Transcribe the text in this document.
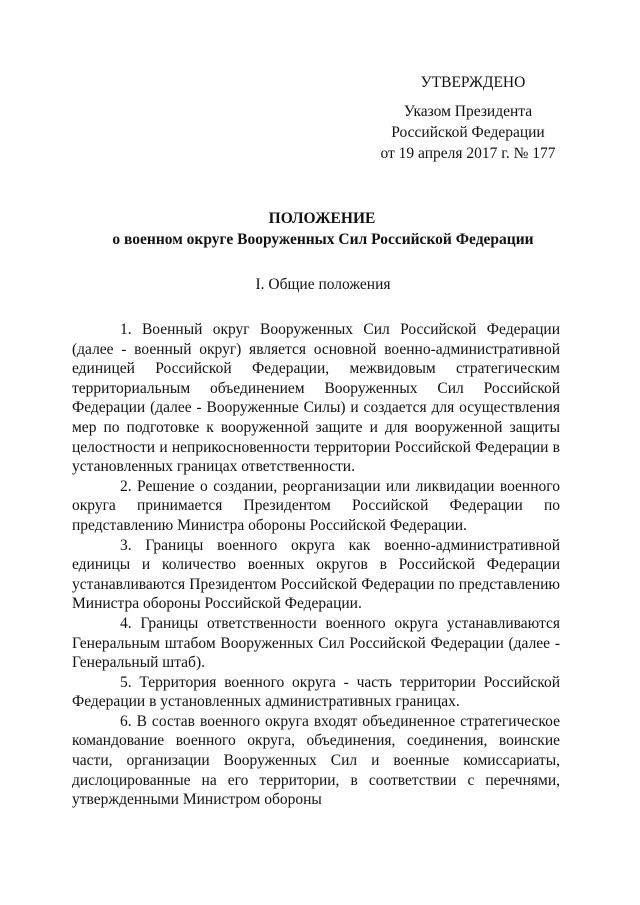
УТВЕРЖДЕНО
Указом Президента
Российской Федерации
от 19 апреля 2017 г. № 177
ПОЛОЖЕНИЕ
о военном округе Вооруженных Сил Российской Федерации
I. Общие положения

1. Военный округ Вооруженных Сил Российской Федерации (далее - военный округ) является основной военно-административной единицей Российской Федерации, межвидовым стратегическим территориальным объединением Вооруженных Сил Российской Федерации (далее - Вооруженные Силы) и создается для осуществления мер по подготовке к вооруженной защите и для вооруженной защиты целостности и неприкосновенности территории Российской Федерации в установленных границах ответственности.

2. Решение о создании, реорганизации или ликвидации военного округа принимается Президентом Российской Федерации по представлению Министра обороны Российской Федерации.

3. Границы военного округа как военно-административной единицы и количество военных округов в Российской Федерации устанавливаются Президентом Российской Федерации по представлению Министра обороны Российской Федерации.

4. Границы ответственности военного округа устанавливаются Генеральным штабом Вооруженных Сил Российской Федерации (далее - Генеральный штаб).

5. Территория военного округа - часть территории Российской Федерации в установленных административных границах.

6. В состав военного округа входят объединенное стратегическое командование военного округа, объединения, соединения, воинские части, организации Вооруженных Сил и военные комиссариаты, дислоцированные на его территории, в соответствии с перечнями, утвержденными Министром обороны
